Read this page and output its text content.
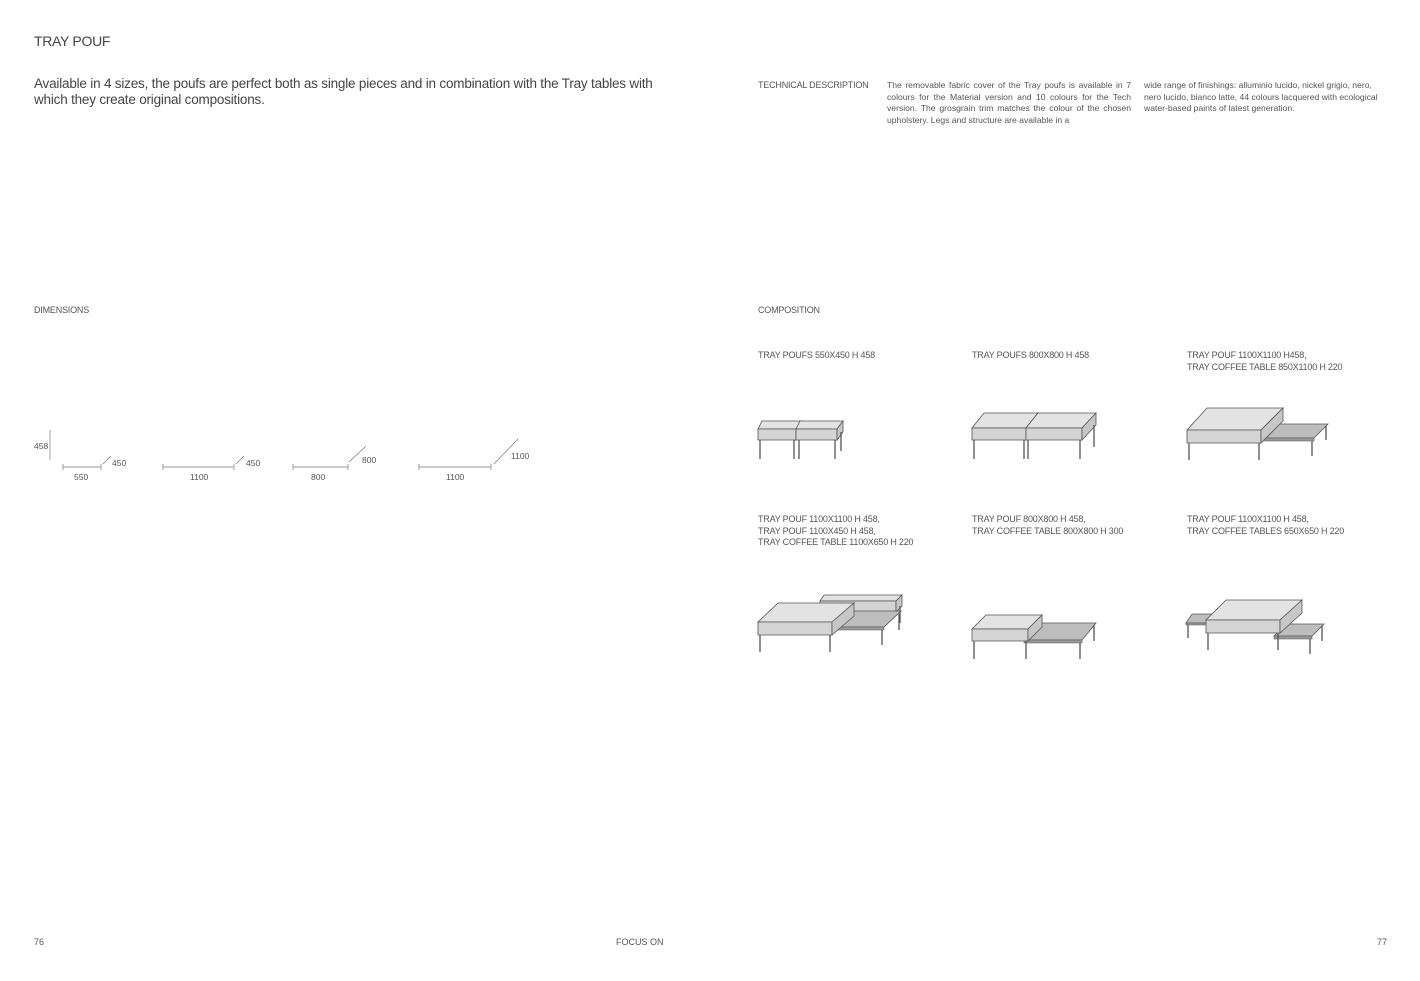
TRAY POUF
Available in 4 sizes, the poufs are perfect both as single pieces and in combination with the Tray tables with which they create original compositions.
TECHNICAL DESCRIPTION The removable fabric cover of the Tray poufs is available in 7 colours for the Material version and 10 colours for the Tech version. The grosgrain trim matches the colour of the chosen upholstery. Legs and structure are available in a
wide range of finishings: alluminio lucido, nickel grigio, nero, nero lucido, bianco latte, 44 colours lacquered with ecological water-based paints of latest generation.
DIMENSIONS
458
550
450
1100
450
800
800
1100
1100
COMPOSITION
TRAY POUFS 550X450 H 458	TRAY POUFS 800X800 H 458	TRAY POUF 1100X1100 H458,
TRAY COFFEE TABLE 850X1100 H 220
TRAY POUF 1100X1100 H 458,
TRAY POUF 1100X450 H 458,
TRAY COFFEE TABLE 1100X650 H 220
TRAY POUF 800X800 H 458,
TRAY COFFEE TABLE 800X800 H 300
TRAY POUF 1100X1100 H 458,
TRAY COFFEE TABLES 650X650 H 220
76	FOCUS ON	77
